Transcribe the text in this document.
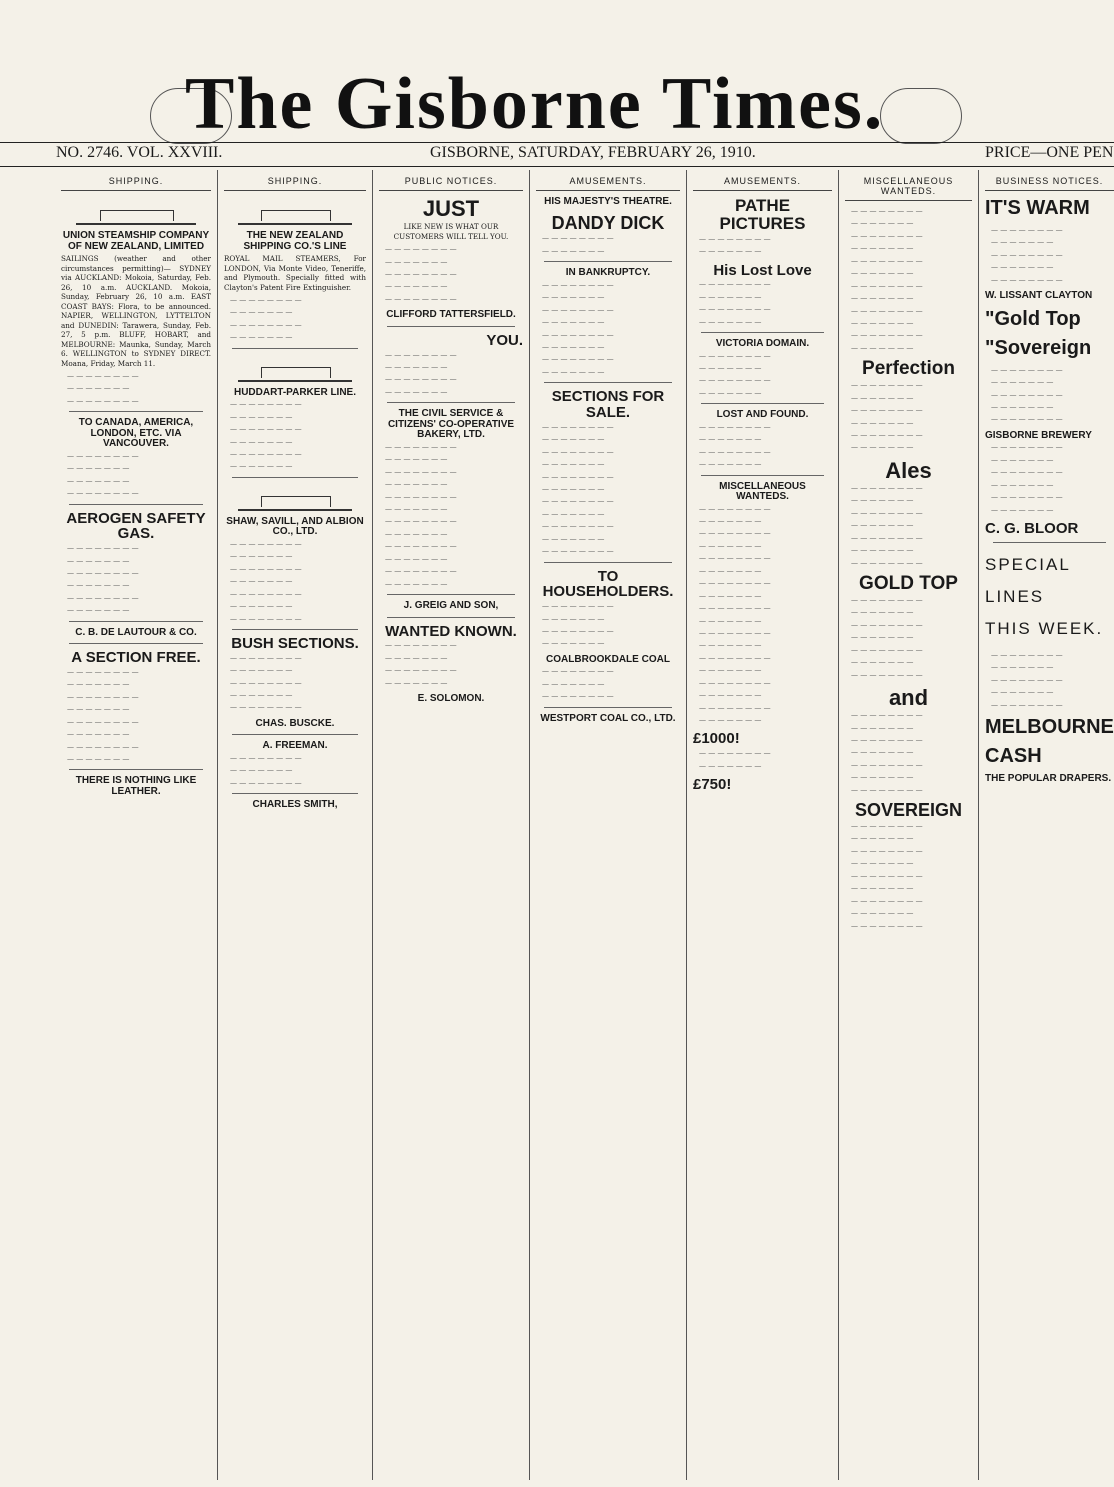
The Gisborne Times.
NO. 2746. VOL. XXVIII.	GISBORNE, SATURDAY, FEBRUARY 26, 1910.	PRICE—ONE PEN
SHIPPING.
UNION STEAMSHIP COMPANY OF NEW ZEALAND, LIMITED
SAILINGS (weather and other circumstances permitting)— SYDNEY via AUCKLAND: Mokoia, Saturday, Feb. 26, 10 a.m. AUCKLAND. Mokoia, Sunday, February 26, 10 a.m. EAST COAST BAYS: Flora, to be announced. NAPIER, WELLINGTON, LYTTELTON and DUNEDIN: Tarawera, Sunday, Feb. 27, 5 p.m. BLUFF, HOBART, and MELBOURNE: Maunka, Sunday, March 6. WELLINGTON to SYDNEY DIRECT. Moana, Friday, March 11.

— — — — — — — —

— — — — — — —

— — — — — — — —

TO CANADA, AMERICA, LONDON, ETC. VIA VANCOUVER.

— — — — — — — —

— — — — — — —

— — — — — — —

— — — — — — — —

AEROGEN SAFETY GAS.

— — — — — — — —

— — — — — — —

— — — — — — — —

— — — — — — —

— — — — — — — —

— — — — — — —

C. B. DE LAUTOUR & CO.
A SECTION FREE.

— — — — — — — —

— — — — — — —

— — — — — — — —

— — — — — — —

— — — — — — — —

— — — — — — —

— — — — — — — —

— — — — — — —

THERE IS NOTHING LIKE LEATHER.
SHIPPING.
THE NEW ZEALAND SHIPPING CO.'S LINE
ROYAL MAIL STEAMERS, For LONDON, Via Monte Video, Teneriffe, and Plymouth. Specially fitted with Clayton's Patent Fire Extinguisher.

— — — — — — — —

— — — — — — —

— — — — — — — —

— — — — — — —

HUDDART-PARKER LINE.

— — — — — — — —

— — — — — — —

— — — — — — — —

— — — — — — —

— — — — — — — —

— — — — — — —

SHAW, SAVILL, AND ALBION CO., LTD.

— — — — — — — —

— — — — — — —

— — — — — — — —

— — — — — — —

— — — — — — — —

— — — — — — —

— — — — — — — —

BUSH SECTIONS.

— — — — — — — —

— — — — — — —

— — — — — — — —

— — — — — — —

— — — — — — — —

CHAS. BUSCKE.
A. FREEMAN.

— — — — — — — —

— — — — — — —

— — — — — — — —

CHARLES SMITH,
PUBLIC NOTICES.
JUST
LIKE NEW IS WHAT OUR CUSTOMERS WILL TELL YOU.

— — — — — — — —

— — — — — — —

— — — — — — — —

— — — — — — —

— — — — — — — —

CLIFFORD TATTERSFIELD.
YOU.

— — — — — — — —

— — — — — — —

— — — — — — — —

— — — — — — —

THE CIVIL SERVICE & CITIZENS' CO-OPERATIVE BAKERY, LTD.

— — — — — — — —

— — — — — — —

— — — — — — — —

— — — — — — —

— — — — — — — —

— — — — — — —

— — — — — — — —

— — — — — — —

— — — — — — — —

— — — — — — —

— — — — — — — —

— — — — — — —

J. GREIG AND SON,
WANTED KNOWN.

— — — — — — — —

— — — — — — —

— — — — — — — —

— — — — — — —

E. SOLOMON.
AMUSEMENTS.
HIS MAJESTY'S THEATRE.
DANDY DICK

— — — — — — — —

— — — — — — —

IN BANKRUPTCY.

— — — — — — — —

— — — — — — —

— — — — — — — —

— — — — — — —

— — — — — — — —

— — — — — — —

— — — — — — — —

— — — — — — —

SECTIONS FOR SALE.

— — — — — — — —

— — — — — — —

— — — — — — — —

— — — — — — —

— — — — — — — —

— — — — — — —

— — — — — — — —

— — — — — — —

— — — — — — — —

— — — — — — —

— — — — — — — —

TO HOUSEHOLDERS.

— — — — — — — —

— — — — — — —

— — — — — — — —

— — — — — — —

COALBROOKDALE COAL

— — — — — — — —

— — — — — — —

— — — — — — — —

WESTPORT COAL CO., LTD.
AMUSEMENTS.
PATHE PICTURES

— — — — — — — —

— — — — — — —

His Lost Love

— — — — — — — —

— — — — — — —

— — — — — — — —

— — — — — — —

VICTORIA DOMAIN.

— — — — — — — —

— — — — — — —

— — — — — — — —

— — — — — — —

LOST AND FOUND.

— — — — — — — —

— — — — — — —

— — — — — — — —

— — — — — — —

MISCELLANEOUS WANTEDS.

— — — — — — — —

— — — — — — —

— — — — — — — —

— — — — — — —

— — — — — — — —

— — — — — — —

— — — — — — — —

— — — — — — —

— — — — — — — —

— — — — — — —

— — — — — — — —

— — — — — — —

— — — — — — — —

— — — — — — —

— — — — — — — —

— — — — — — —

— — — — — — — —

— — — — — — —

£1000!

— — — — — — — —

— — — — — — —

£750!
MISCELLANEOUS WANTEDS.

— — — — — — — —

— — — — — — —

— — — — — — — —

— — — — — — —

— — — — — — — —

— — — — — — —

— — — — — — — —

— — — — — — —

— — — — — — — —

— — — — — — —

— — — — — — — —

— — — — — — —

Perfection

— — — — — — — —

— — — — — — —

— — — — — — — —

— — — — — — —

— — — — — — — —

— — — — — — —

Ales

— — — — — — — —

— — — — — — —

— — — — — — — —

— — — — — — —

— — — — — — — —

— — — — — — —

— — — — — — — —

GOLD TOP

— — — — — — — —

— — — — — — —

— — — — — — — —

— — — — — — —

— — — — — — — —

— — — — — — —

— — — — — — — —

and

— — — — — — — —

— — — — — — —

— — — — — — — —

— — — — — — —

— — — — — — — —

— — — — — — —

— — — — — — — —

SOVEREIGN

— — — — — — — —

— — — — — — —

— — — — — — — —

— — — — — — —

— — — — — — — —

— — — — — — —

— — — — — — — —

— — — — — — —

— — — — — — — —

BUSINESS NOTICES.
IT'S WARM

— — — — — — — —

— — — — — — —

— — — — — — — —

— — — — — — —

— — — — — — — —

W. LISSANT CLAYTON
"Gold Top
"Sovereign

— — — — — — — —

— — — — — — —

— — — — — — — —

— — — — — — —

— — — — — — — —

GISBORNE BREWERY

— — — — — — — —

— — — — — — —

— — — — — — — —

— — — — — — —

— — — — — — — —

— — — — — — —

C. G. BLOOR
SPECIAL
LINES
THIS WEEK.

— — — — — — — —

— — — — — — —

— — — — — — — —

— — — — — — —

— — — — — — — —

MELBOURNE
CASH
THE POPULAR DRAPERS.
